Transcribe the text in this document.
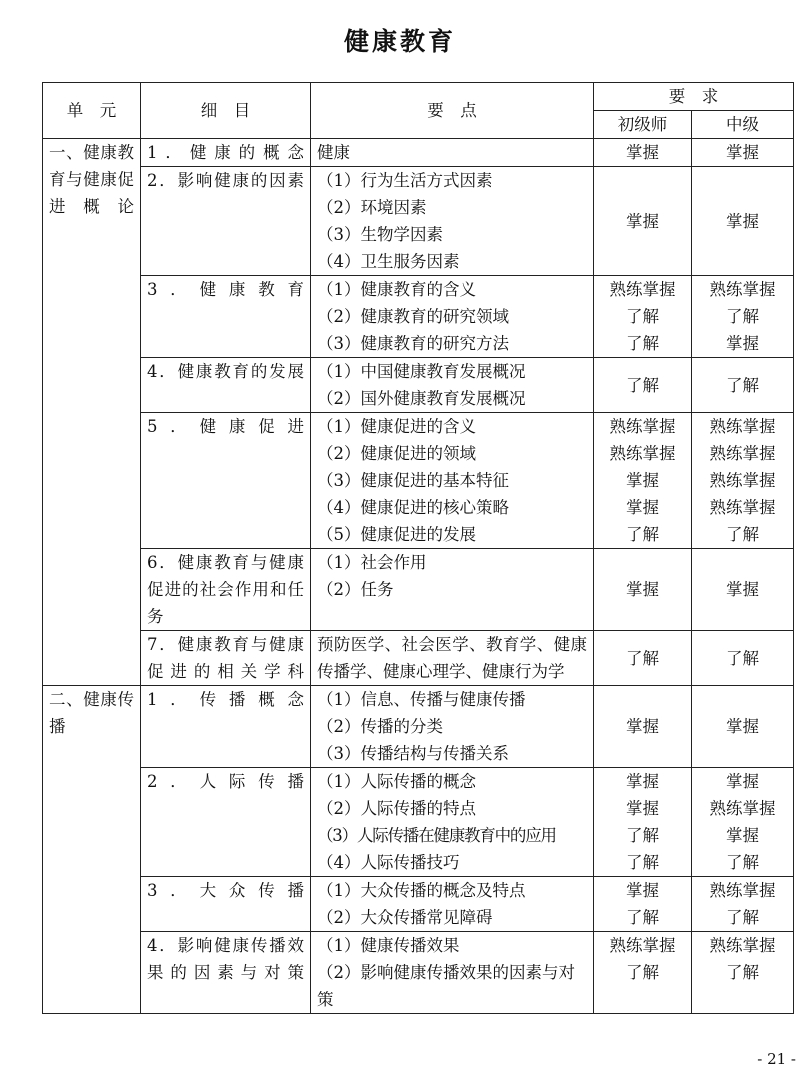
健康教育
单　元	细　目	要　点	要　求	
			初级师	中级
一、健康教育与健康促进概论	1．健康的概念	健康	掌握	掌握

	2．影响健康的因素	（1）行为生活方式因素
（2）环境因素
（3）生物学因素
（4）卫生服务因素	掌握	掌握

	3．健康教育	（1）健康教育的含义
（2）健康教育的研究领域
（3）健康教育的研究方法	熟练掌握
了解
了解	熟练掌握
了解
掌握

	4．健康教育的发展	（1）中国健康教育发展概况
（2）国外健康教育发展概况	了解	了解

	5．健康促进	（1）健康促进的含义
（2）健康促进的领域
（3）健康促进的基本特征
（4）健康促进的核心策略
（5）健康促进的发展	熟练掌握
熟练掌握
掌握
掌握
了解	熟练掌握
熟练掌握
熟练掌握
熟练掌握
了解

	6．健康教育与健康促进的社会作用和任务	（1）社会作用
（2）任务	掌握	掌握

	7．健康教育与健康促进的相关学科	预防医学、社会医学、教育学、健康传播学、健康心理学、健康行为学	了解	了解

二、健康传播	1．传播概念	（1）信息、传播与健康传播
（2）传播的分类
（3）传播结构与传播关系	掌握	掌握

	2．人际传播	（1）人际传播的概念
（2）人际传播的特点
（3）人际传播在健康教育中的应用
（4）人际传播技巧	掌握
掌握
了解
了解	掌握
熟练掌握
掌握
了解

	3．大众传播	（1）大众传播的概念及特点
（2）大众传播常见障碍	掌握
了解	熟练掌握
了解

	4．影响健康传播效果的因素与对策	（1）健康传播效果
（2）影响健康传播效果的因素与对策	熟练掌握
了解	熟练掌握
了解
- 21 -
